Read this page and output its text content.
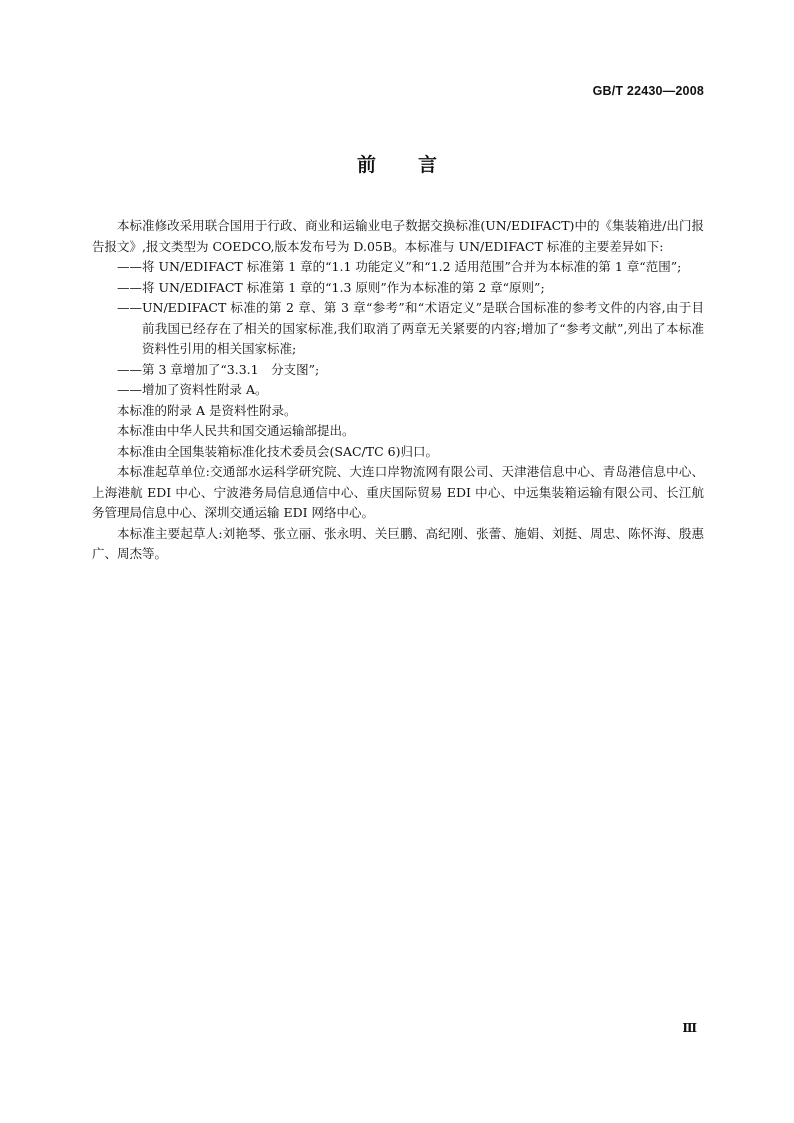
GB/T 22430—2008
前言

本标准修改采用联合国用于行政、商业和运输业电子数据交换标准(UN/EDIFACT)中的《集装箱进/出门报告报文》,报文类型为 COEDCO,版本发布号为 D.05B。本标准与 UN/EDIFACT 标准的主要差异如下:

——将 UN/EDIFACT 标准第 1 章的“1.1 功能定义”和“1.2 适用范围”合并为本标准的第 1 章“范围”;

——将 UN/EDIFACT 标准第 1 章的“1.3 原则”作为本标准的第 2 章“原则”;

——UN/EDIFACT 标准的第 2 章、第 3 章“参考”和“术语定义”是联合国标准的参考文件的内容,由于目前我国已经存在了相关的国家标准,我们取消了两章无关紧要的内容;增加了“参考文献”,列出了本标准资料性引用的相关国家标准;

——第 3 章增加了“3.3.1　分支图”;

——增加了资料性附录 A。

本标准的附录 A 是资料性附录。

本标准由中华人民共和国交通运输部提出。

本标准由全国集装箱标准化技术委员会(SAC/TC 6)归口。

本标准起草单位:交通部水运科学研究院、大连口岸物流网有限公司、天津港信息中心、青岛港信息中心、上海港航 EDI 中心、宁波港务局信息通信中心、重庆国际贸易 EDI 中心、中远集装箱运输有限公司、长江航务管理局信息中心、深圳交通运输 EDI 网络中心。

本标准主要起草人:刘艳琴、张立丽、张永明、关巨鹏、高纪刚、张蕾、施娟、刘挺、周忠、陈怀海、殷惠广、周杰等。

Ⅲ
